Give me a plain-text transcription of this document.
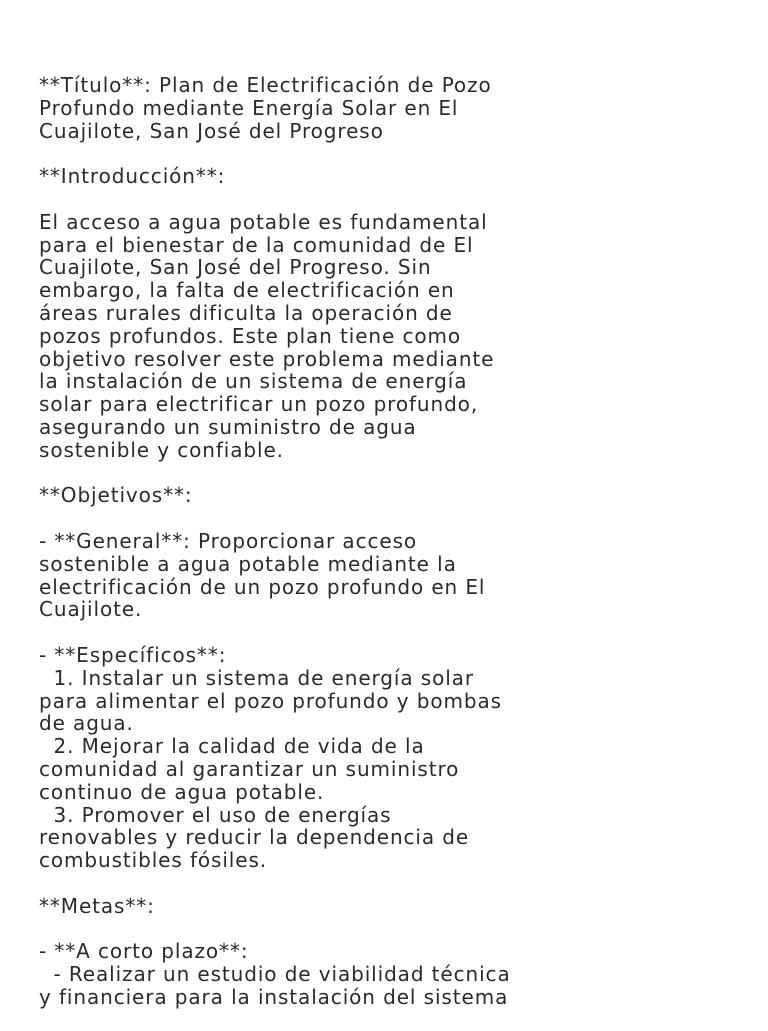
**Título**: Plan de Electrificación de Pozo
Profundo mediante Energía Solar en El
Cuajilote, San José del Progreso
**Introducción**:
El acceso a agua potable es fundamental
para el bienestar de la comunidad de El
Cuajilote, San José del Progreso. Sin
embargo, la falta de electrificación en
áreas rurales dificulta la operación de
pozos profundos. Este plan tiene como
objetivo resolver este problema mediante
la instalación de un sistema de energía
solar para electrificar un pozo profundo,
asegurando un suministro de agua
sostenible y confiable.
**Objetivos**:
- **General**: Proporcionar acceso
sostenible a agua potable mediante la
electrificación de un pozo profundo en El
Cuajilote.
- **Específicos**:
1. Instalar un sistema de energía solar
para alimentar el pozo profundo y bombas
de agua.
2. Mejorar la calidad de vida de la
comunidad al garantizar un suministro
continuo de agua potable.
3. Promover el uso de energías
renovables y reducir la dependencia de
combustibles fósiles.
**Metas**:
- **A corto plazo**:
- Realizar un estudio de viabilidad técnica
y financiera para la instalación del sistema
